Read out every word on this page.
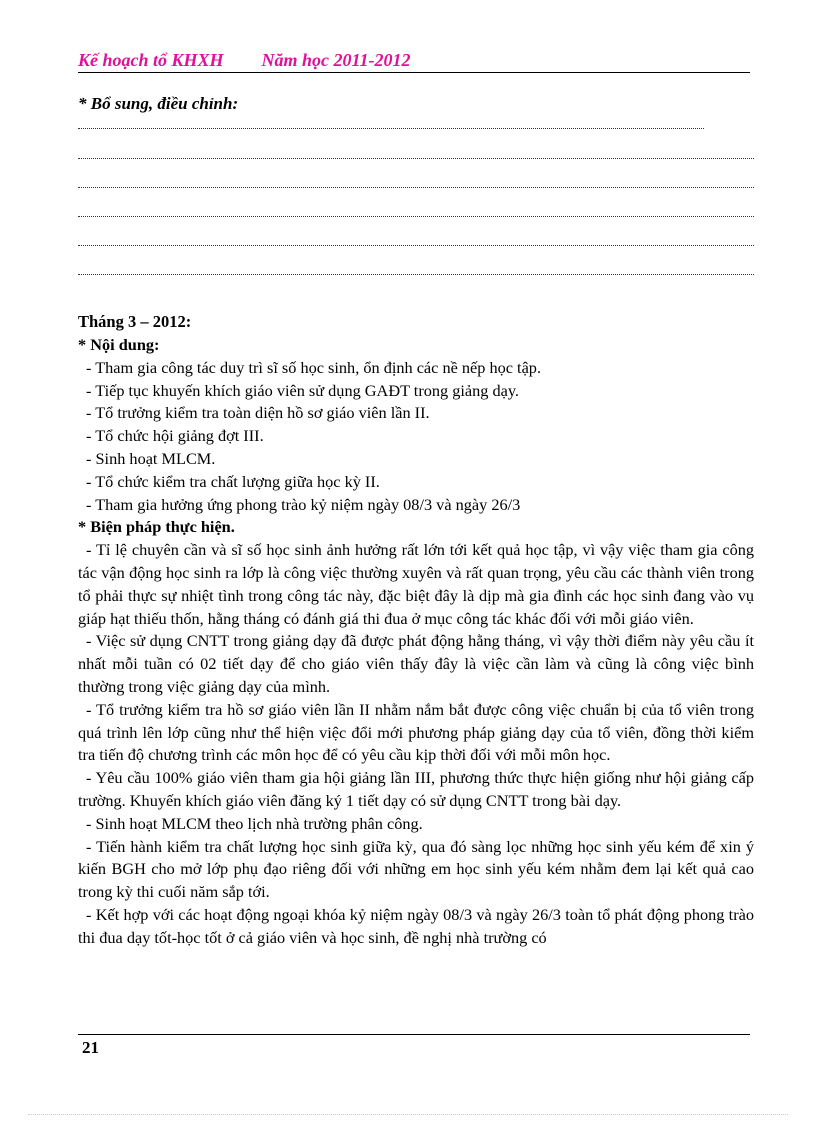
Kế hoạch tổ KHXH Năm học 2011-2012
* Bổ sung, điều chỉnh:
Tháng 3 – 2012:

* Nội dung:

- Tham gia công tác duy trì sĩ số học sinh, ổn định các nề nếp học tập.

- Tiếp tục khuyến khích giáo viên sử dụng GAĐT trong giảng dạy.

- Tổ trưởng kiểm tra toàn diện hồ sơ giáo viên lần II.

- Tổ chức hội giảng đợt III.

- Sinh hoạt MLCM.

- Tổ chức kiểm tra chất lượng giữa học kỳ II.

- Tham gia hưởng ứng phong trào kỷ niệm ngày 08/3 và ngày 26/3

* Biện pháp thực hiện.

- Tỉ lệ chuyên cần và sĩ số học sinh ảnh hưởng rất lớn tới kết quả học tập, vì vậy việc tham gia công tác vận động học sinh ra lớp là công việc thường xuyên và rất quan trọng, yêu cầu các thành viên trong tổ phải thực sự nhiệt tình trong công tác này, đặc biệt đây là dịp mà gia đình các học sinh đang vào vụ giáp hạt thiếu thốn, hằng tháng có đánh giá thi đua ở mục công tác khác đối với mỗi giáo viên.

- Việc sử dụng CNTT trong giảng dạy đã được phát động hằng tháng, vì vậy thời điểm này yêu cầu ít nhất mỗi tuần có 02 tiết dạy để cho giáo viên thấy đây là việc cần làm và cũng là công việc bình thường trong việc giảng dạy của mình.

- Tổ trưởng kiểm tra hồ sơ giáo viên lần II nhằm nắm bắt được công việc chuẩn bị của tổ viên trong quá trình lên lớp cũng như thể hiện việc đổi mới phương pháp giảng dạy của tổ viên, đồng thời kiểm tra tiến độ chương trình các môn học để có yêu cầu kịp thời đối với mỗi môn học.

- Yêu cầu 100% giáo viên tham gia hội giảng lần III, phương thức thực hiện giống như hội giảng cấp trường. Khuyến khích giáo viên đăng ký 1 tiết dạy có sử dụng CNTT trong bài dạy.

- Sinh hoạt MLCM theo lịch nhà trường phân công.

- Tiến hành kiểm tra chất lượng học sinh giữa kỳ, qua đó sàng lọc những học sinh yếu kém để xin ý kiến BGH cho mở lớp phụ đạo riêng đối với những em học sinh yếu kém nhằm đem lại kết quả cao trong kỳ thi cuối năm sắp tới.

- Kết hợp với các hoạt động ngoại khóa kỷ niệm ngày 08/3 và ngày 26/3 toàn tổ phát động phong trào thi đua dạy tốt-học tốt ở cả giáo viên và học sinh, đề nghị nhà trường có

21
